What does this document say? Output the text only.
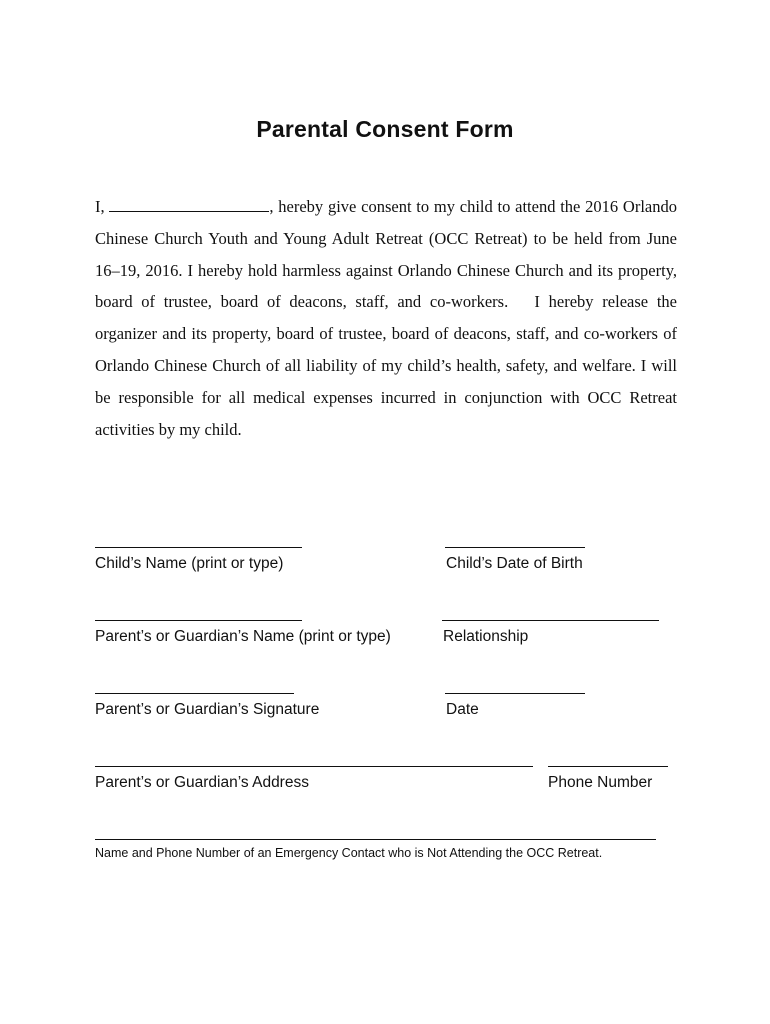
Parental Consent Form
I,	, hereby give consent to my child to attend the 2016 Orlando Chinese Church Youth and Young Adult Retreat (OCC Retreat) to be held from June 16–19, 2016. I hereby hold harmless against Orlando Chinese Church and its property, board of trustee, board of deacons, staff, and co-workers.   I hereby release the organizer and its property, board of trustee, board of deacons, staff, and co-workers of Orlando Chinese Church of all liability of my child’s health, safety, and welfare. I will be responsible for all medical expenses incurred in conjunction with OCC Retreat activities by my child.
Child’s Name (print or type)	Child’s Date of Birth
Parent’s or Guardian’s Name (print or type)	Relationship
Parent’s or Guardian’s Signature	Date
Parent’s or Guardian’s Address	Phone Number
Name and Phone Number of an Emergency Contact who is Not Attending the OCC Retreat.
